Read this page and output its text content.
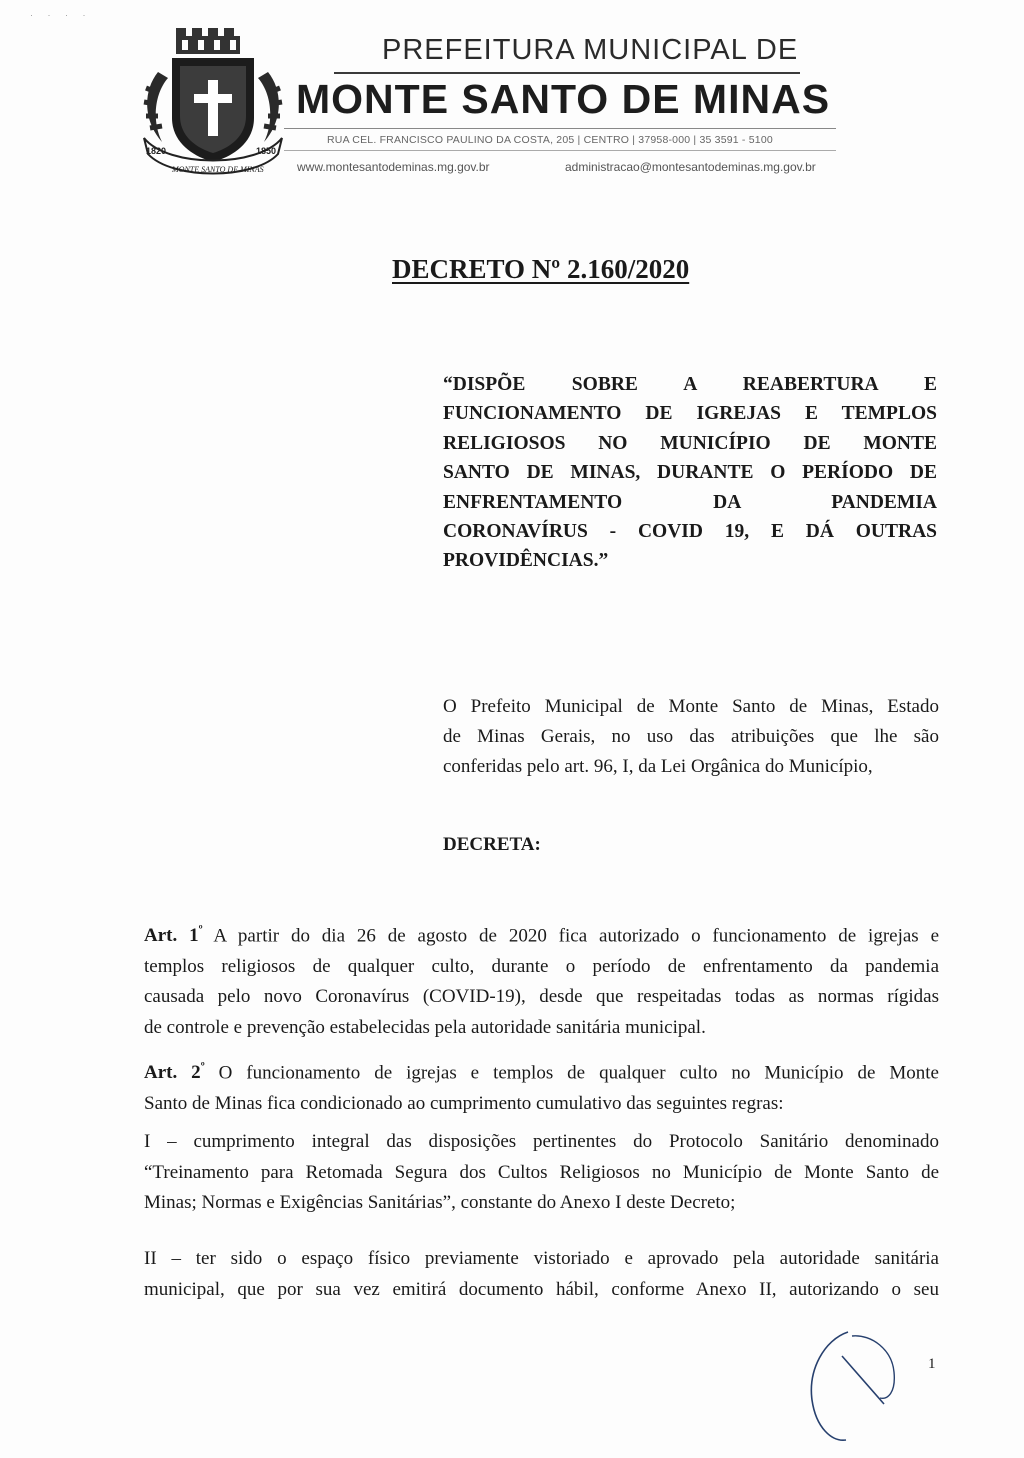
· · · ·
1820	1850
MONTE SANTO DE MINAS
PREFEITURA MUNICIPAL DE
MONTE SANTO DE MINAS
RUA CEL. FRANCISCO PAULINO DA COSTA, 205 | CENTRO | 37958-000 | 35 3591 - 5100
www.montesantodeminas.mg.gov.br	administracao@montesantodeminas.mg.gov.br
DECRETO Nº 2.160/2020
“DISPÕE SOBRE A REABERTURA E
FUNCIONAMENTO DE IGREJAS E TEMPLOS
RELIGIOSOS NO MUNICÍPIO DE MONTE
SANTO DE MINAS, DURANTE O PERÍODO DE
ENFRENTAMENTO DA PANDEMIA
CORONAVÍRUS - COVID 19, E DÁ OUTRAS
PROVIDÊNCIAS.”
O Prefeito Municipal de Monte Santo de Minas, Estado
de Minas Gerais, no uso das atribuições que lhe são
conferidas pelo art. 96, I, da Lei Orgânica do Município,
DECRETA:
Art. $1^º$ A partir do dia 26 de agosto de 2020 fica autorizado o funcionamento de igrejas e
templos religiosos de qualquer culto, durante o período de enfrentamento da pandemia
causada pelo novo Coronavírus (COVID-19), desde que respeitadas todas as normas rígidas
de controle e prevenção estabelecidas pela autoridade sanitária municipal.
Art. $2^º$ O funcionamento de igrejas e templos de qualquer culto no Município de Monte
Santo de Minas fica condicionado ao cumprimento cumulativo das seguintes regras:
I – cumprimento integral das disposições pertinentes do Protocolo Sanitário denominado
“Treinamento para Retomada Segura dos Cultos Religiosos no Município de Monte Santo de
Minas; Normas e Exigências Sanitárias”, constante do Anexo I deste Decreto;
II – ter sido o espaço físico previamente vistoriado e aprovado pela autoridade sanitária
municipal, que por sua vez emitirá documento hábil, conforme Anexo II, autorizando o seu
1
